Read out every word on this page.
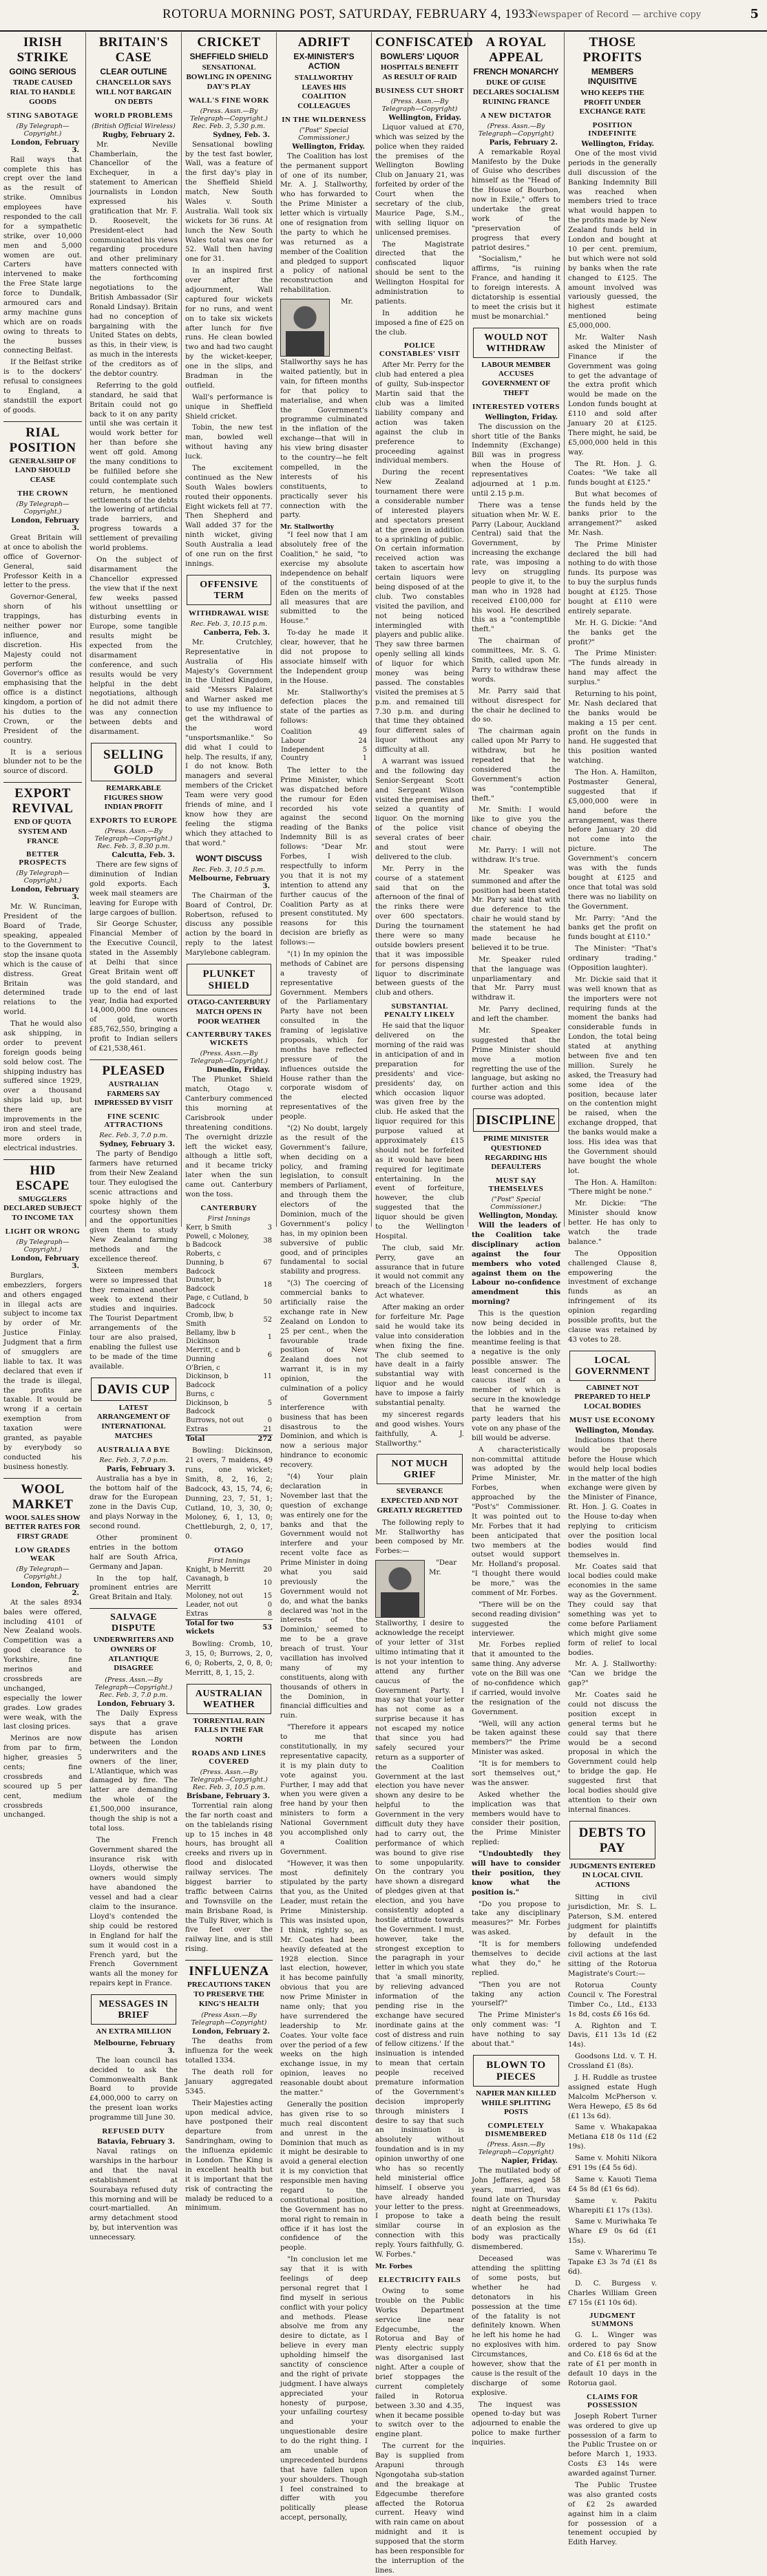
ROTORUA MORNING POST, SATURDAY, FEBRUARY 4, 1933
Newspaper of Record — archive copy	5
IRISH STRIKE
GOING SERIOUS
TRADE CAUSED RIAL TO HANDLE GOODS
STING SABOTAGE
(By Telegraph—Copyright.)
London, February 3.

Rail ways that complete this has crept over the land as the result of strike. Omnibus employees have responded to the call for a sympathetic strike, over 10,000 men and 5,000 women are out. Carters have intervened to make the Free State large force to Dundalk, armoured cars and army machine guns which are on roads owing to threats to the busses connecting Belfast.

If the Belfast strike is to the dockers' refusal to consignees to England, a standstill the export of goods.

RIAL POSITION
GENERALSHIP OF LAND SHOULD CEASE
THE CROWN
(By Telegraph—Copyright.)
London, February 3.

Great Britain will at once to abolish the office of Governor-General, said Professor Keith in a letter to the press.

Governor-General, shorn of his trappings, has neither power nor influence, and discretion. His Majesty could not perform the Governor's office as emphasising that the office is a distinct kingdom, a portion of his duties to the Crown, or the President of the country.

It is a serious blunder not to be the source of discord.

EXPORT REVIVAL
END OF QUOTA SYSTEM AND FRANCE
BETTER PROSPECTS
(By Telegraph—Copyright.)
London, February 3.

Mr. W. Runciman, President of the Board of Trade, speaking, appealed to the Government to stop the insane quota which is the cause of distress. Great Britain was determined trade relations to the world.

That he would also ask shipping, in order to prevent foreign goods being sold below cost. The shipping industry has suffered since 1929, over a thousand ships laid up, but there are improvements in the iron and steel trade, more orders in electrical industries.

HID ESCAPE
SMUGGLERS DECLARED SUBJECT TO INCOME TAX
LIGHT OR WRONG
(By Telegraph—Copyright.)
London, February 3.

Burglars, embezzlers, forgers and others engaged in illegal acts are subject to income tax by order of Mr. Justice Finlay. Judgment that a firm of smugglers are liable to tax. It was declared that even if the trade is illegal, the profits are taxable. It would be wrong if a certain exemption from taxation were granted, as payable by everybody so conducted his business honestly.

WOOL MARKET
WOOL SALES SHOW BETTER RATES FOR FIRST GRADE
LOW GRADES WEAK
(By Telegraph—Copyright.)
London, February 2.

At the sales 8934 bales were offered, including 4101 of New Zealand wools. Competition was a good clearance to Yorkshire, fine merinos and crossbreds are unchanged, especially the lower grades. Low grades were weak, with the last closing prices.

Merinos are now from par to firm, higher, greasies 5 cents; fine crossbreds and scoured up 5 per cent, medium crossbreds unchanged.

BRITAIN'S CASE
CLEAR OUTLINE
CHANCELLOR SAYS WILL NOT BARGAIN ON DEBTS
WORLD PROBLEMS
(British Official Wireless)
Rugby, February 2.

Mr. Neville Chamberlain, the Chancellor of the Exchequer, in a statement to American journalists in London expressed his gratification that Mr. F. D. Roosevelt, the President-elect had communicated his views regarding procedure and other preliminary matters connected with the forthcoming negotiations to the British Ambassador (Sir Ronald Lindsay). Britain had no conception of bargaining with the United States on debts, as this, in their view, is as much in the interests of the creditors as of the debtor country.

Referring to the gold standard, he said that Britain could not go back to it on any parity until she was certain it would work better for her than before she went off gold. Among the many conditions to be fulfilled before she could contemplate such return, he mentioned settlements of the debts the lowering of artificial trade barriers, and progress towards a settlement of prevailing world problems.

On the subject of disarmament the Chancellor expressed the view that if the next few weeks passed without unsettling or disturbing events in Europe, some tangible results might be expected from the disarmament conference, and such results would be very helpful in the debt negotiations, although he did not admit there was any connection between debts and disarmament.

SELLING GOLD
REMARKABLE FIGURES SHOW INDIAN PROFIT
EXPORTS TO EUROPE
(Press. Assn.—By Telegraph—Copyright.) Rec. Feb. 3, 8.30 p.m.
Calcutta, Feb. 3.

There are few signs of diminution of Indian gold exports. Each week mail steamers are leaving for Europe with large cargoes of bullion.

Sir George Schuster, Financial Member of the Executive Council, stated in the Assembly at Delhi that since Great Britain went off the gold standard, and up to the end of last year, India had exported 14,000,000 fine ounces of gold, worth £85,762,550, bringing a profit to Indian sellers of £21,538,461.

PLEASED
AUSTRALIAN FARMERS SAY IMPRESSED BY VISIT
FINE SCENIC ATTRACTIONS
Rec. Feb. 3, 7.0 p.m.
Sydney, February 3.

The party of Bendigo farmers have returned from their New Zealand tour. They eulogised the scenic attractions and spoke highly of the courtesy shown them and the opportunities given them to study New Zealand farming methods and the excellence thereof.

Sixteen members were so impressed that they remained another week to extend their studies and inquiries. The Tourist Department arrangements of the tour are also praised, enabling the fullest use to be made of the time available.

DAVIS CUP
LATEST ARRANGEMENT OF INTERNATIONAL MATCHES
AUSTRALIA A BYE
Rec. Feb. 3, 7.0 p.m.
Paris, February 3.

Australia has a bye in the bottom half of the draw for the European zone in the Davis Cup, and plays Norway in the second round.

Other prominent entries in the bottom half are South Africa, Germany and Japan.

In the top half, prominent entries are Great Britain and Italy.

SALVAGE DISPUTE
UNDERWRITERS AND OWNERS OF ATLANTIQUE DISAGREE
(Press. Assn.—By Telegraph—Copyright.) Rec. Feb. 3, 7.0 p.m.
London, February 3.

The Daily Express says that a grave dispute has arisen between the London underwriters and the owners of the liner, L'Atlantique, which was damaged by fire. The latter are demanding the whole of the £1,500,000 insurance, though the ship is not a total loss.

The French Government shared the insurance risk with Lloyds, otherwise the owners would simply have abandoned the vessel and had a clear claim to the insurance. Lloyd's contended the ship could be restored in England for half the sum it would cost in a French yard, but the French Government wants all the money for repairs kept in France.

MESSAGES IN BRIEF
AN EXTRA MILLION
Melbourne, February 3.

The loan council has decided to ask the Commonwealth Bank Board to provide £4,000,000 to carry on the present loan works programme till June 30.

REFUSED DUTY
Batavia, February 3.

Naval ratings on warships in the harbour and that the naval establishment at Sourabaya refused duty this morning and will be court-martialled. An army detachment stood by, but intervention was unnecessary.

CRICKET
SHEFFIELD SHIELD
SENSATIONAL BOWLING IN OPENING DAY'S PLAY
WALL'S FINE WORK
(Press. Assn.—By Telegraph—Copyright.) Rec. Feb. 3, 5.30 p.m.
Sydney, Feb. 3.

Sensational bowling by the test fast bowler, Wall, was a feature of the first day's play in the Sheffield Shield match, New South Wales v. South Australia. Wall took six wickets for 36 runs. At lunch the New South Wales total was one for 52. Wall then having one for 31.

In an inspired first over after the adjournment, Wall captured four wickets for no runs, and went on to take six wickets after lunch for five runs. He clean bowled two and had two caught by the wicket-keeper, one in the slips, and Bradman in the outfield.

Wall's performance is unique in Sheffield Shield cricket.

Tobin, the new test man, bowled well without having any luck.

The excitement continued as the New South Wales bowlers routed their opponents. Eight wickets fell at 77. Then Shepherd and Wall added 37 for the ninth wicket, giving South Australia a lead of one run on the first innings.

OFFENSIVE TERM
WITHDRAWAL WISE
Rec. Feb. 3, 10.15 p.m.
Canberra, Feb. 3.

Mr. Crutchley, Representative in Australia of His Majesty's Government in the United Kingdom, said "Messrs Palairet and Warner asked me to use my influence to get the withdrawal of the word "unsportsmanlike." So did what I could to help. The results, if any, I do not know. Both managers and several members of the Cricket Team were very good friends of mine, and I know how they are feeling the stigma which they attached to that word."

WON'T DISCUSS
Rec. Feb. 3, 10.5 p.m.
Melbourne, February 3.

The Chairman of the Board of Control, Dr. Robertson, refused to discuss any possible action by the board in reply to the latest Marylebone cablegram.

PLUNKET SHIELD
OTAGO-CANTERBURY MATCH OPENS IN POOR WEATHER
CANTERBURY TAKES WICKETS
(Press. Assn.—By Telegraph—Copyright.)
Dunedin, Friday.

The Plunket Shield match, Otago v. Canterbury commenced this morning at Carisbrook under threatening conditions. The overnight drizzle left the wicket easy, although a little soft, and it became tricky later when the sun came out. Canterbury won the toss.

CANTERBURY
First Innings
Kerr, b Smith	3
Powell, c Moloney, b Badcock	38
Roberts, c Dunning, b Badcock	67
Dunster, b Badcock	18
Page, c Cutland, b Badcock	50
Cromb, lbw, b Smith	52
Bellamy, lbw b Dickinson	1
Merritt, c and b Dunning	6
O'Brien, c Dickinson, b Badcock	11
Burns, c Dickinson, b Badcock	5
Burrows, not out	0
Extras	21
Total	272

Bowling: Dickinson, 21 overs, 7 maidens, 49 runs, one wicket; Smith, 8, 2, 16, 2; Badcock, 43, 15, 74, 6; Dunning, 23, 7, 51, 1; Cutland, 10, 3, 30, 0; Moloney, 6, 1, 13, 0; Chettleburgh, 2, 0, 17, 0.

OTAGO
First Innings
Knight, b Merritt	20
Cavanagh, b Merritt	10
Moloney, not out	15
Leader, not out	0
Extras	8
Total for two wickets	53

Bowling: Cromb, 10, 3, 15, 0; Burrows, 2, 0, 6, 0; Roberts, 2, 0, 8, 0; Merritt, 8, 1, 15, 2.

AUSTRALIAN WEATHER
TORRENTIAL RAIN FALLS IN THE FAR NORTH
ROADS AND LINES COVERED
(Press. Assn.—By Telegraph—Copyright.) Rec. Feb. 3, 10.5 p.m.
Brisbane, February 3.

Torrential rain along the far north coast and on the tablelands rising up to 15 inches in 48 hours, has brought all creeks and rivers up in flood and dislocated railway services. The biggest barrier to traffic between Cairns and Townsville on the main Brisbane Road, is the Tully River, which is five feet over the railway line, and is still rising.

INFLUENZA
PRECAUTIONS TAKEN TO PRESERVE THE KING'S HEALTH
(Press Assn.—By Telegraph—Copyright)
London, February 2.

The deaths from influenza for the week totalled 1334.

The death roll for January aggregated 5345.

Their Majesties acting upon medical advice, have postponed their departure from Sandringham, owing to the influenza epidemic in London. The King is in excellent health but it is important that the risk of contracting the malady be reduced to a minimum.

ADRIFT
EX-MINISTER'S ACTION
STALLWORTHY LEAVES HIS COALITION COLLEAGUES
IN THE WILDERNESS
("Post" Special Commissioner.)
Wellington, Friday.

The Coalition has lost the permanent support of one of its number, Mr. A. J. Stallworthy, who has forwarded to the Prime Minister a letter which is virtually one of resignation from the party to which he was returned as a member of the Coalition and pledged to support a policy of national reconstruction and rehabilitation.

Mr. Stallworthy says he has waited patiently, but in vain, for fifteen months for that policy to materialise, and when the Government's programme culminated in the inflation of the exchange—that will in his view bring disaster to the country—he felt compelled, in the interests of his constituents, to practically sever his connection with the party.

Mr. Stallworthy

"I feel now that I am absolutely free of the Coalition," he said, "to exercise my absolute independence on behalf of the constituents of Eden on the merits of all measures that are submitted to the House."

To-day he made it clear, however, that he did not propose to associate himself with the Independent group in the House.

Mr. Stallworthy's defection places the state of the parties as follows:

Coalition	49
Labour	24
Independent	5
Country	1

The letter to the Prime Minister, which was dispatched before the rumour for Eden recorded his vote against the second reading of the Banks Indemnity Bill is as follows: "Dear Mr. Forbes, I wish respectfully to inform you that it is not my intention to attend any further caucus of the Coalition Party as at present constituted. My reasons for this decision are briefly as follows:—

"(1) In my opinion the methods of Cabinet are a travesty of representative Government. Members of the Parliamentary Party have not been consulted in the framing of legislative proposals, which for months have reflected pressure of the influences outside the House rather than the corporate wisdom of the elected representatives of the people.

"(2) No doubt, largely as the result of the Government's failure, when deciding on a policy, and framing legislation, to consult members of Parliament, and through them the electors of the Dominion, much of the Government's policy has, in my opinion been subversive of public good, and of principles fundamental to social stability and progress.

"(3) The coercing of commercial banks to artificially raise the exchange rate in New Zealand on London to 25 per cent., when the favourable trade position of New Zealand does not warrant it, is in my opinion, the culmination of a policy of Government interference with business that has been disastrous to the Dominion, and which is now a serious major hindrance to economic recovery.

"(4) Your plain declaration in November last that the question of exchange was entirely one for the banks and that the Government would not interfere and your recent volte face as Prime Minister in doing what you said previously the Government would not do, and what the banks declared was 'not in the interests of the Dominion,' seemed to me to be a grave breach of trust. Your vacillation has involved many of my constituents, along with thousands of others in the Dominion, in financial difficulties and ruin.

"Therefore it appears to me that constitutionally, in my representative capacity, it is my plain duty to vote against you. Further, I may add that when you were given a free hand by your then ministers to form a National Government you accomplished only a Coalition Government.

"However, it was then most definitely stipulated by the party that you, as the United Leader, must retain the Prime Ministership. This was insisted upon, I think, rightly so, as Mr. Coates had been heavily defeated at the 1928 election. Since last election, however, it has become painfully obvious that you are now Prime Minister in name only; that you have surrendered the leadership to Mr. Coates. Your volte face over the period of a few weeks on the high exchange issue, in my opinion, leaves no reasonable doubt about the matter."

Generally the position has given rise to so much real discontent and unrest in the Dominion that much as it might be desirable to avoid a general election it is my conviction that responsible men having regard to the constitutional position, the Government has no moral right to remain in office if it has lost the confidence of the people.

"In conclusion let me say that it is with feelings of deep personal regret that I find myself in serious conflict with your policy and methods. Please absolve me from any desire to dictate, as I believe in every man upholding himself the sanctity of conscience and the right of private judgment. I have always appreciated your honesty of purpose, your unfailing courtesy and your unquestionable desire to do the right thing. I am unable of unprecedented burdens that have fallen upon your shoulders. Though I feel constrained to differ with you politically please accept, personally,

CONFISCATED
BOWLERS' LIQUOR
HOSPITALS BENEFIT AS RESULT OF RAID
BUSINESS CUT SHORT
(Press. Assn.—By Telegraph—Copyright)
Wellington, Friday.

Liquor valued at £70, which was seized by the police when they raided the premises of the Wellington Bowling Club on January 21, was forfeited by order of the Court when the secretary of the club, Maurice Page, S.M., with selling liquor on unlicensed premises.

The Magistrate directed that the confiscated liquor should be sent to the Wellington Hospital for administration to patients.

In addition he imposed a fine of £25 on the club.

POLICE CONSTABLES' VISIT

After Mr. Perry for the club had entered a plea of guilty, Sub-inspector Martin said that the club was a limited liability company and action was taken against the club in preference to proceeding against individual members.

During the recent New Zealand tournament there were a considerable number of interested players and spectators present at the green in addition to a sprinkling of public. On certain information received action was taken to ascertain how certain liquors were being disposed of at the club. Two constables visited the pavilion, and not being noticed intermingled with players and public alike. They saw three barmen openly selling all kinds of liquor for which money was being passed. The constables visited the premises at 5 p.m. and remained till 7.30 p.m. and during that time they obtained four different sales of liquor without any difficulty at all.

A warrant was issued and the following day Senior-Sergeant Scott and Sergeant Wilson visited the premises and seized a quantity of liquor. On the morning of the police visit several crates of beer and stout were delivered to the club.

Mr. Perry in the course of a statement said that on the afternoon of the final of the rinks there were over 600 spectators. During the tournament there were so many outside bowlers present that it was impossible for persons dispensing liquor to discriminate between guests of the club and others.

SUBSTANTIAL PENALTY LIKELY

He said that the liquor delivered on the morning of the raid was in anticipation of and in preparation for presidents' and vice-presidents' day, on which occasion liquor was given free by the club. He asked that the liquor required for this purpose valued at approximately £15 should not be forfeited as it would have been required for legitimate entertaining. In the event of forfeiture, however, the club suggested that the liquor should be given to the Wellington Hospital.

The club, said Mr. Perry, gave an assurance that in future it would not commit any breach of the Licensing Act whatever.

After making an order for forfeiture Mr. Page said he would take its value into consideration when fixing the fine. The club seemed to have dealt in a fairly substantial way with liquor and he would have to impose a fairly substantial penalty.

my sincerest regards and good wishes. Yours faithfully, A. J. Stallworthy."

NOT MUCH GRIEF
SEVERANCE EXPECTED AND NOT GREATLY REGRETTED

The following reply to Mr. Stallworthy has been composed by Mr. Forbes:—

"Dear Mr. Stallworthy, I desire to acknowledge the receipt of your letter of 31st ultimo intimating that it is not your intention to attend any further caucus of the Government Party. I may say that your letter has not come as a surprise because it has not escaped my notice that since you had safely secured your return as a supporter of the Coalition Government at the last election you have never shown any desire to be helpful to the Government in the very difficult duty they have had to carry out, the performance of which was bound to give rise to some unpopularity. On the contrary you have shown a disregard of pledges given at that election, and you have consistently adopted a hostile attitude towards the Government. I must, however, take the strongest exception to the paragraph in your letter in which you state that 'a small minority, by relieving advanced information of the pending rise in the exchange have secured inordinate gains at the cost of distress and ruin of fellow citizens.' If the insinuation is intended to mean that certain people received premature information of the Government's decision improperly through ministers I desire to say that such an insinuation is absolutely without foundation and is in my opinion unworthy of one who has so recently held ministerial office himself. I observe you have already handed your letter to the press. I propose to take a similar course in connection with this reply. Yours faithfully, G. W. Forbes."

Mr. Forbes
ELECTRICITY FAILS

Owing to some trouble on the Public Works Department service line near Edgecumbe, the Rotorua and Bay of Plenty electric supply was disorganised last night. After a couple of brief stoppages the current completely failed in Rotorua between 3.30 and 4.35, when it became possible to switch over to the engine plant.

The current for the Bay is supplied from Arapuni through Ngongotaha sub-station and the breakage at Edgecumbe therefore affected the Rotorua current. Heavy wind with rain came on about midnight and it is supposed that the storm has been responsible for the interruption of the lines.

A ROYAL APPEAL
FRENCH MONARCHY
DUKE OF GUISE DECLARES SOCIALISM RUINING FRANCE
A NEW DICTATOR
(Press. Assn.—By Telegraph—Copyright)
Paris, February 2.

A remarkable Royal Manifesto by the Duke of Guise who describes himself as the "Head of the House of Bourbon, now in Exile," offers to undertake the great work of the "preservation of progress that every patriot desires."

"Socialism," he affirms, "is ruining France, and handing it to foreign interests. A dictatorship is essential to meet the crisis but it must be monarchial."

WOULD NOT WITHDRAW
LABOUR MEMBER ACCUSES GOVERNMENT OF THEFT
INTERESTED VOTERS
Wellington, Friday.

The discussion on the short title of the Banks Indemnity (Exchange) Bill was in progress when the House of representatives adjourned at 1 p.m. until 2.15 p.m.

There was a tense situation when Mr. W. E. Parry (Labour, Auckland Central) said that the Government, by increasing the exchange rate, was imposing a levy on struggling people to give it, to the man who in 1928 had received £100,000 for his wool. He described this as a "contemptible theft."

The chairman of committees, Mr. S. G. Smith, called upon Mr. Parry to withdraw these words.

Mr. Parry said that without disrespect for the chair he declined to do so.

The chairman again called upon Mr Parry to withdraw, but he repeated that he considered the Government's action was "contemptible theft."

Mr. Smith: I would like to give you the chance of obeying the chair.

Mr. Parry: I will not withdraw. It's true.

Mr. Speaker was summoned and after the position had been stated Mr. Parry said that with due deference to the chair he would stand by the statement he had made because he believed it to be true.

Mr. Speaker ruled that the language was unparliamentary and that Mr. Parry must withdraw it.

Mr. Parry declined, and left the chamber.

Mr. Speaker suggested that the Prime Minister should move a motion regretting the use of the language, but asking no further action and this course was adopted.

DISCIPLINE
PRIME MINISTER QUESTIONED REGARDING HIS DEFAULTERS
MUST SAY THEMSELVES
("Post" Special Commissioner.)
Wellington, Monday.

Will the leaders of the Coalition take disciplinary action against the four members who voted against them on the Labour no-confidence amendment this morning?

This is the question now being decided in the lobbies and in the meantime feeling is that a negative is the only possible answer. The least concerned is the caucus itself on a member of which is secure in the knowledge that he warned the party leaders that his vote on any phase of the bill would be adverse.

A characteristically non-committal attitude was adopted by the Prime Minister, Mr. Forbes, when approached by the "Post's" Commissioner. It was pointed out to Mr. Forbes that it had been anticipated that two members at the outset would support Mr. Holland's proposal. "I thought there would be more," was the comment of Mr. Forbes.

"There will be on the second reading division" suggested the interviewer.

Mr. Forbes replied that it amounted to the same thing. Any adverse vote on the Bill was one of no-confidence which if carried, would involve the resignation of the Government.

"Well, will any action be taken against these members?" the Prime Minister was asked.

"It is for members to sort themselves out," was the answer.

Asked whether the implication was that members would have to consider their position, the Prime Minister replied:

"Undoubtedly they will have to consider their position, they know what the position is."

"Do you propose to take any disciplinary measures?" Mr. Forbes was asked.

"It is for members themselves to decide what they do," he replied.

"Then you are not taking any action yourself?"

The Prime Minister's only comment was: "I have nothing to say about that."

BLOWN TO PIECES
NAPIER MAN KILLED WHILE SPLITTING POSTS
COMPLETELY DISMEMBERED
(Press. Assn.—By Telegraph—Copyright)
Napier, Friday.

The mutilated body of John Jeffares, aged 58 years, married, was found late on Thursday night at Greenmeadows, death being the result of an explosion as the body was practically dismembered.

Deceased was attending the splitting of some posts, but whether he had detonators in his possession at the time of the fatality is not definitely known. When he left his home he had no explosives with him. Circumstances, however, show that the cause is the result of the discharge of some explosive.

The inquest was opened to-day but was adjourned to enable the police to make further inquiries.

THOSE PROFITS
MEMBERS INQUISITIVE
WHO KEEPS THE PROFIT UNDER EXCHANGE RATE
POSITION INDEFINITE
Wellington, Friday.

One of the most vivid periods in the generally dull discussion of the Banking Indemnity Bill was reached when members tried to trace what would happen to the profits made by New Zealand funds held in London and bought at 10 per cent. premium, but which were not sold by banks when the rate changed to £125. The amount involved was variously guessed, the highest estimate mentioned being £5,000,000.

Mr. Walter Nash asked the Minister of Finance if the Government was going to get the advantage of the extra profit which would be made on the London funds bought at £110 and sold after January 20 at £125. There might, he said, be £5,000,000 held in this way.

The Rt. Hon. J. G. Coates: "We take all funds bought at £125."

But what becomes of the funds held by the banks prior to the arrangement?" asked Mr. Nash.

The Prime Minister declared the bill had nothing to do with those funds. Its purpose was to buy the surplus funds bought at £125. Those bought at £110 were entirely separate.

Mr. H. G. Dickie: "And the banks get the profit?"

The Prime Minister: "The funds already in hand may affect the surplus."

Returning to his point, Mr. Nash declared that the banks would be making a 15 per cent. profit on the funds in hand. He suggested that this position wanted watching.

The Hon. A. Hamilton, Postmaster General, suggested that if £5,000,000 were in hand before the arrangement, was there before January 20 did not come into the picture. The Government's concern was with the funds bought at £125 and once that total was sold there was no liability on the Government.

Mr. Parry: "And the banks get the profit on funds bought at £110."

The Minister: "That's ordinary trading." (Opposition laughter).

Mr. Dickie said that it was well known that as the importers were not requiring funds at the moment the banks had considerable funds in London, the total being stated at anything between five and ten million. Surely he asked, the Treasury had some idea of the position, because later on the contention might be raised, when the exchange dropped, that the banks would make a loss. His idea was that the Government should have bought the whole lot.

The Hon. A. Hamilton: "There might be none."

Mr. Dickie: "The Minister should know better. He has only to watch the trade balance."

The Opposition challenged Clause 8, empowering the investment of exchange funds as an infringement of its opinion regarding possible profits, but the clause was retained by 43 votes to 28.

LOCAL GOVERNMENT
CABINET NOT PREPARED TO HELP LOCAL BODIES
MUST USE ECONOMY
Wellington, Monday.

Indications that there would be proposals before the House which would help local bodies in the matter of the high exchange were given by the Minister of Finance, Rt. Hon. J. G. Coates in the House to-day when replying to criticism over the position local bodies would find themselves in.

Mr. Coates said that local bodies could make economies in the same way as the Government. They could say that something was yet to come before Parliament which might give some form of relief to local bodies.

Mr. A. J. Stallworthy: "Can we bridge the gap?"

Mr. Coates said he could not discuss the position except in general terms but he could say that there would be a second proposal in which the Government could help to bridge the gap. He suggested first that local bodies should give attention to their own internal finances.

DEBTS TO PAY
JUDGMENTS ENTERED IN LOCAL CIVIL ACTIONS

Sitting in civil jurisdiction, Mr. S. L. Paterson, S.M. entered judgment for plaintiffs by default in the following undefended civil actions at the last sitting of the Rotorua Magistrate's Court:—

Rotorua County Council v. The Forestral Timber Co., Ltd., £133 1s 8d, costs £6 16s 6d.

A. Righton and T. Davis, £11 13s 1d (£2 14s).

Goodsons Ltd. v. T. H. Crossland £1 (8s).

J. H. Ruddle as trustee assigned estate Hugh Malcolm McPherson v. Wera Hewepo, £5 8s 6d (£1 13s 6d).

Same v. Whakapakaa Metiana £18 0s 11d (£2 19s).

Same v. Mohiti Nikora £91 19s (£4 5s 6d).

Same v. Kauoti Tiema £4 5s 8d (£1 6s 6d).

Same v. Pakitu Wharepiti £1 17s (13s).

Same v. Muriwhaka Te Whare £9 0s 6d (£1 15s).

Same v. Wharerimu Te Tapake £3 3s 7d (£1 8s 6d).

D. C. Burgess v. Charles William Green £7 15s (£1 10s 6d).

JUDGMENT SUMMONS

G. L. Winger was ordered to pay Snow and Co. £18 6s 6d at the rate of £1 per month in default 10 days in the Rotorua gaol.

CLAIMS FOR POSSESSION

Joseph Robert Turner was ordered to give up possession of a farm to the Public Trustee on or before March 1, 1933. Costs £3 14s were awarded against Turner.

The Public Trustee was also granted costs of £2 2s awarded against him in a claim for possession of a tenement occupied by Edith Harvey.
